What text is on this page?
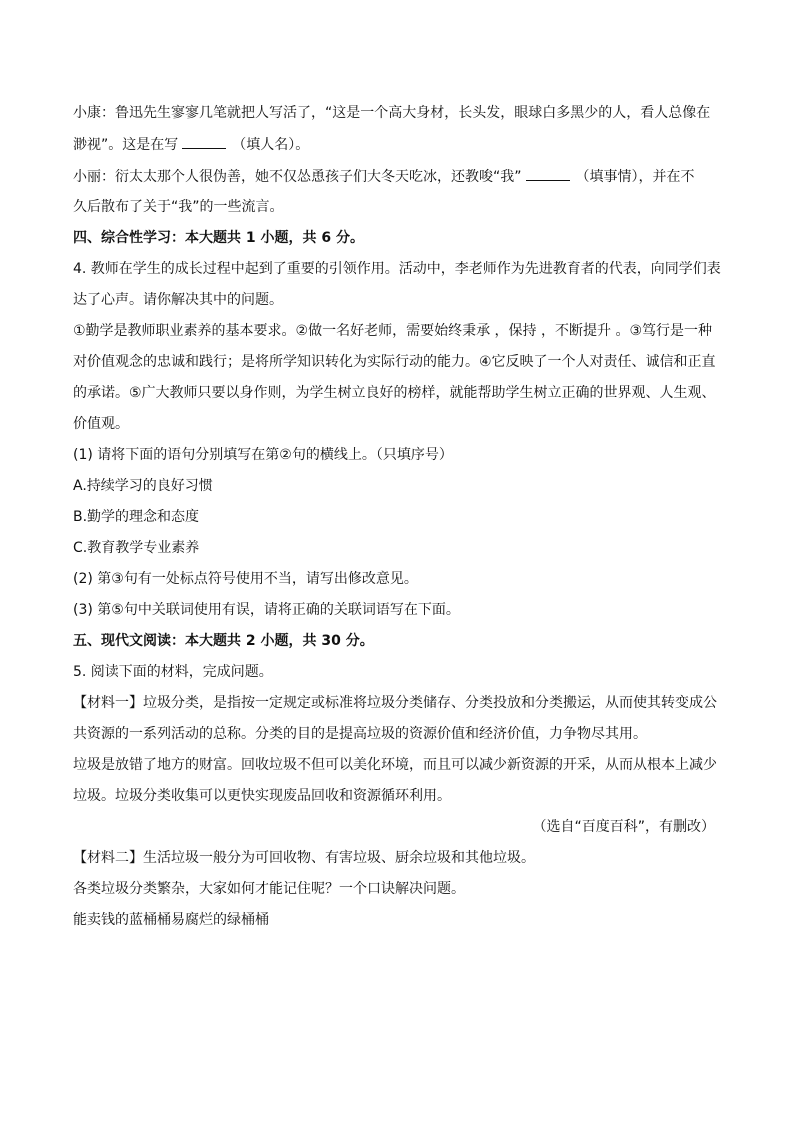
小康：鲁迅先生寥寥几笔就把人写活了，“这是一个高大身材，长头发，眼球白多黑少的人，看人总像在
渺视”。这是在写	（填人名）。
小丽：衍太太那个人很伪善，她不仅怂恿孩子们大冬天吃冰，还教唆“我”	（填事情），并在不
久后散布了关于“我”的一些流言。
四、综合性学习：本大题共 1 小题，共 6 分。
4. 教师在学生的成长过程中起到了重要的引领作用。活动中，李老师作为先进教育者的代表，向同学们表
达了心声。请你解决其中的问题。
①勤学是教师职业素养的基本要求。②做一名好老师，需要始终秉承 ，保持 ，不断提升 。③笃行是一种
对价值观念的忠诚和践行；是将所学知识转化为实际行动的能力。④它反映了一个人对责任、诚信和正直
的承诺。⑤广大教师只要以身作则，为学生树立良好的榜样，就能帮助学生树立正确的世界观、人生观、
价值观。
(1) 请将下面的语句分别填写在第②句的横线上。（只填序号）
A.持续学习的良好习惯
B.勤学的理念和态度
C.教育教学专业素养
(2) 第③句有一处标点符号使用不当，请写出修改意见。
(3) 第⑤句中关联词使用有误，请将正确的关联词语写在下面。
五、现代文阅读：本大题共 2 小题，共 30 分。
5. 阅读下面的材料，完成问题。
【材料一】垃圾分类，是指按一定规定或标准将垃圾分类储存、分类投放和分类搬运，从而使其转变成公
共资源的一系列活动的总称。分类的目的是提高垃圾的资源价值和经济价值，力争物尽其用。
垃圾是放错了地方的财富。回收垃圾不但可以美化环境，而且可以减少新资源的开采，从而从根本上减少
垃圾。垃圾分类收集可以更快实现废品回收和资源循环利用。
（选自“百度百科”，有删改）
【材料二】生活垃圾一般分为可回收物、有害垃圾、厨余垃圾和其他垃圾。
各类垃圾分类繁杂，大家如何才能记住呢？一个口诀解决问题。
能卖钱的蓝桶桶易腐烂的绿桶桶
